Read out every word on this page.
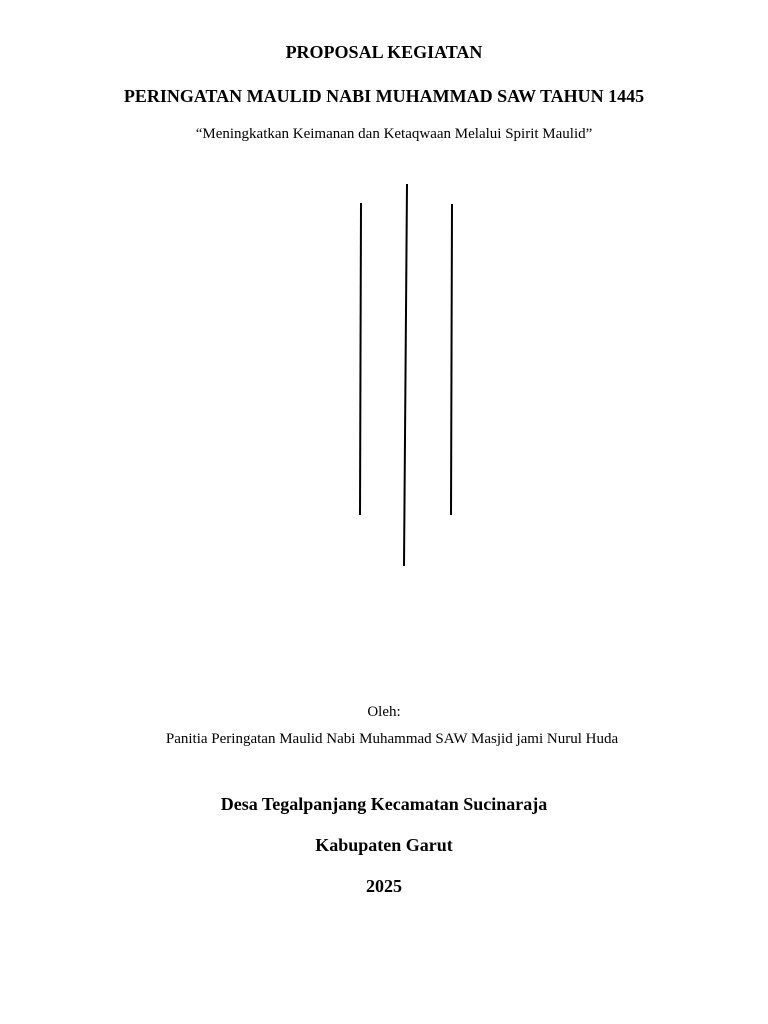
PROPOSAL KEGIATAN

PERINGATAN MAULID NABI MUHAMMAD SAW TAHUN 1445

“Meningkatkan Keimanan dan Ketaqwaan Melalui Spirit Maulid”

Oleh:

Panitia Peringatan Maulid Nabi Muhammad SAW Masjid jami Nurul Huda

Desa Tegalpanjang Kecamatan Sucinaraja

Kabupaten Garut

2025
